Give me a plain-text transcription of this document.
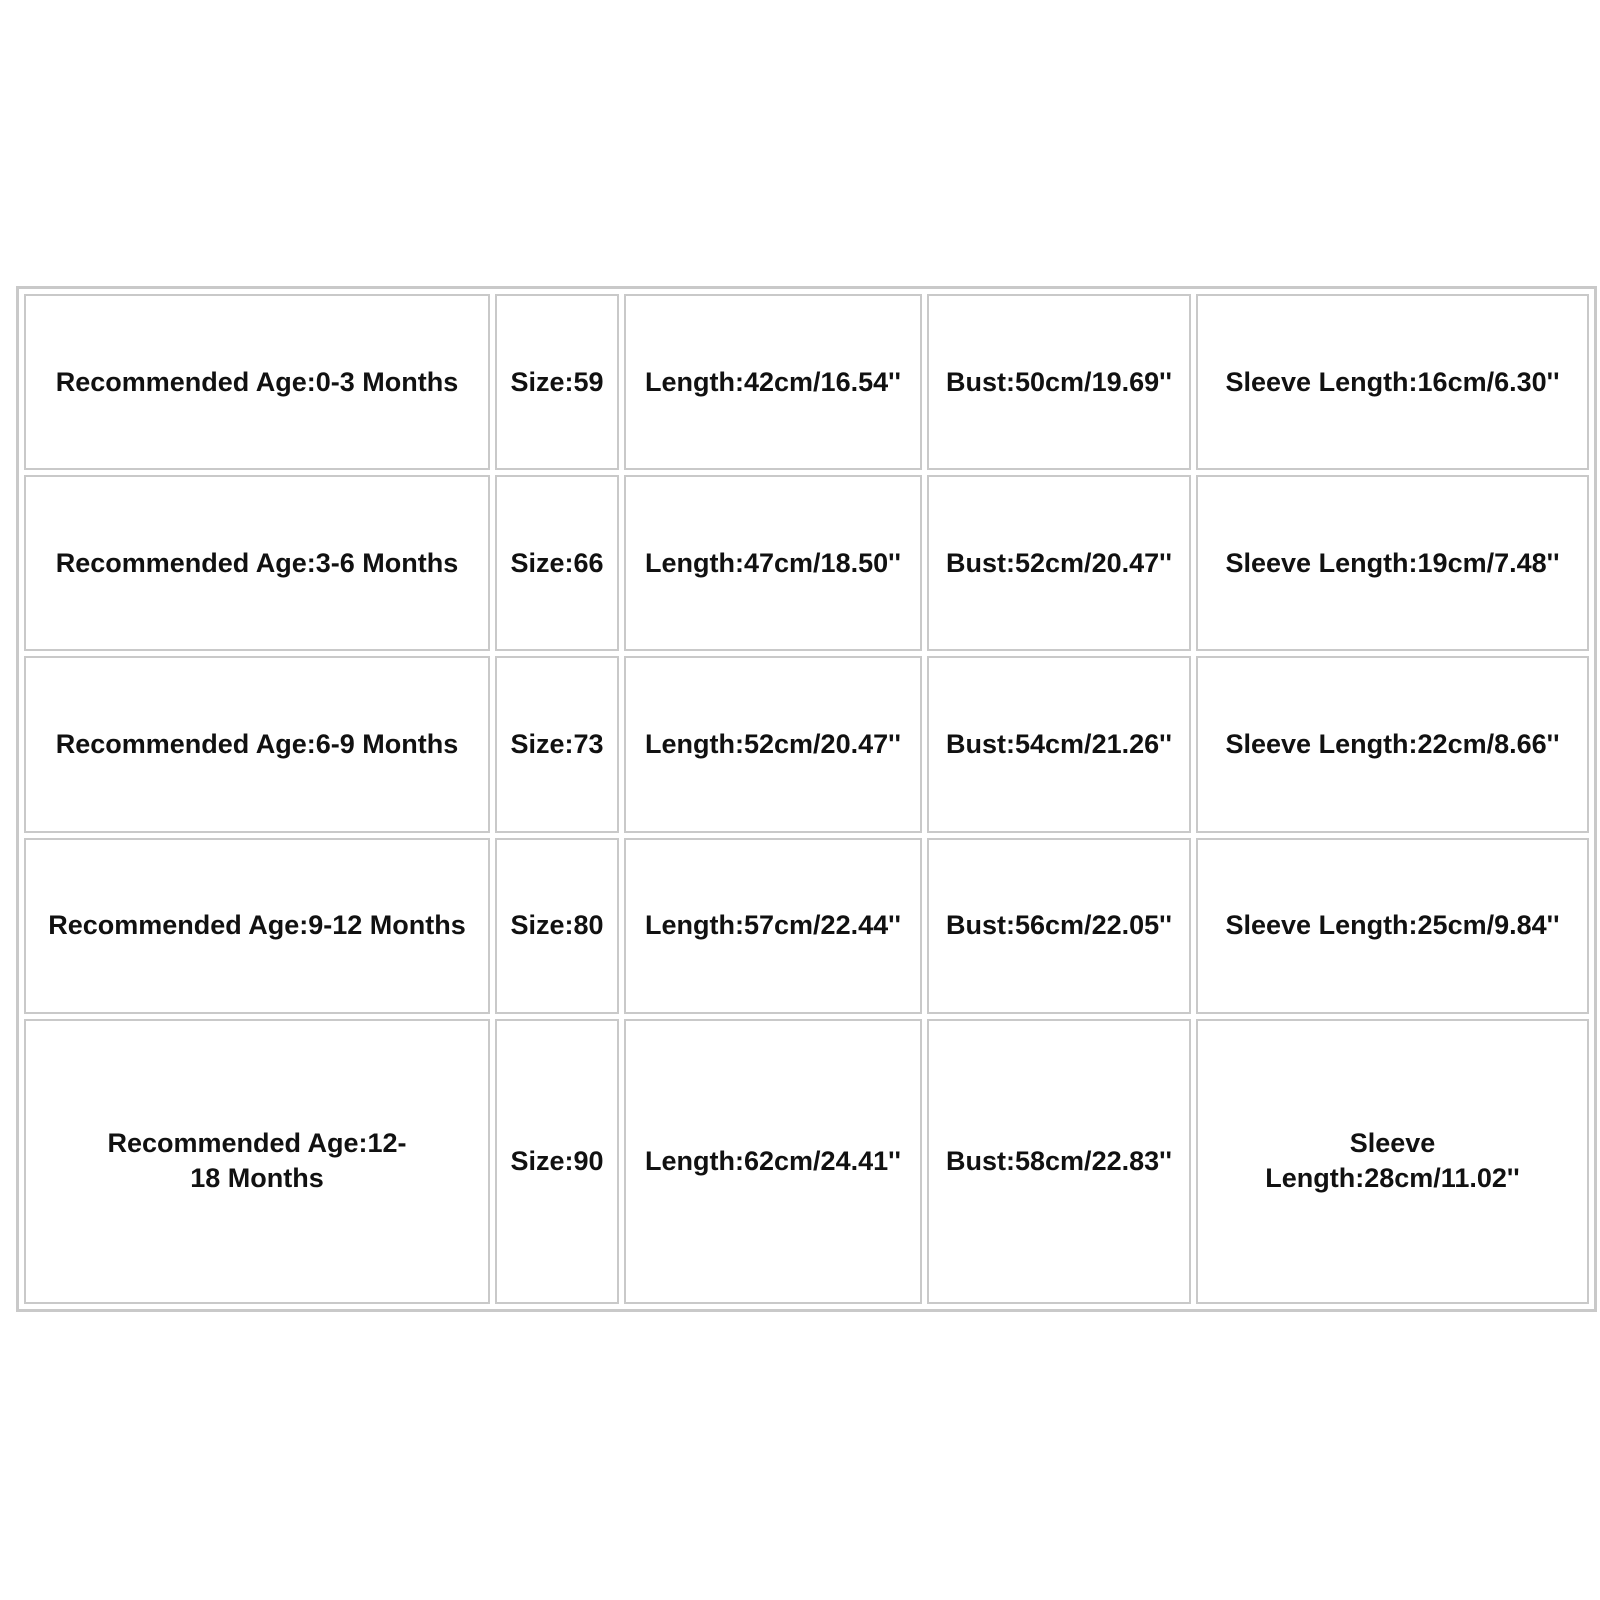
Recommended Age:0-3 Months	Size:59	Length:42cm/16.54''	Bust:50cm/19.69''	Sleeve Length:16cm/6.30''
Recommended Age:3-6 Months	Size:66	Length:47cm/18.50''	Bust:52cm/20.47''	Sleeve Length:19cm/7.48''
Recommended Age:6-9 Months	Size:73	Length:52cm/20.47''	Bust:54cm/21.26''	Sleeve Length:22cm/8.66''
Recommended Age:9-12 Months	Size:80	Length:57cm/22.44''	Bust:56cm/22.05''	Sleeve Length:25cm/9.84''
Recommended Age:12-18 Months	Size:90	Length:62cm/24.41''	Bust:58cm/22.83''	Sleeve Length:28cm/11.02''
